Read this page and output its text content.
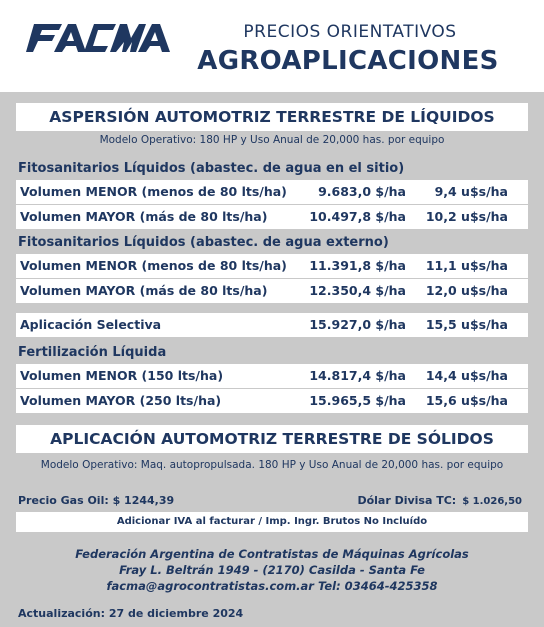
PRECIOS ORIENTATIVOS
AGROAPLICACIONES
ASPERSIÓN AUTOMOTRIZ TERRESTRE DE LÍQUIDOS
Modelo Operativo: 180 HP y Uso Anual de 20,000 has. por equipo
Fitosanitarios Líquidos (abastec. de agua en el sitio)
Volumen MENOR (menos de 80 lts/ha) 9.683,0 $/ha 9,4 u$s/ha
Volumen MAYOR (más de 80 lts/ha)	10.497,8 $/ha 10,2 u$s/ha
Fitosanitarios Líquidos (abastec. de agua externo)
Volumen MENOR (menos de 80 lts/ha) 11.391,8 $/ha 11,1 u$s/ha
Volumen MAYOR (más de 80 lts/ha)	12.350,4 $/ha 12,0 u$s/ha
Aplicación Selectiva	15.927,0 $/ha 15,5 u$s/ha
Fertilización Líquida
Volumen MENOR (150 lts/ha)	14.817,4 $/ha 14,4 u$s/ha
Volumen MAYOR (250 lts/ha)	15.965,5 $/ha 15,6 u$s/ha
APLICACIÓN AUTOMOTRIZ TERRESTRE DE SÓLIDOS
Modelo Operativo: Maq. autopropulsada. 180 HP y Uso Anual de 20,000 has. por equipo
Precio Gas Oil: $ 1244,39	Dólar Divisa TC: $ 1.026,50
Adicionar IVA al facturar / Imp. Ingr. Brutos No Incluído
Federación Argentina de Contratistas de Máquinas Agrícolas
Fray L. Beltrán 1949 - (2170) Casilda - Santa Fe
facma@agrocontratistas.com.ar Tel: 03464-425358
Actualización: 27 de diciembre 2024
